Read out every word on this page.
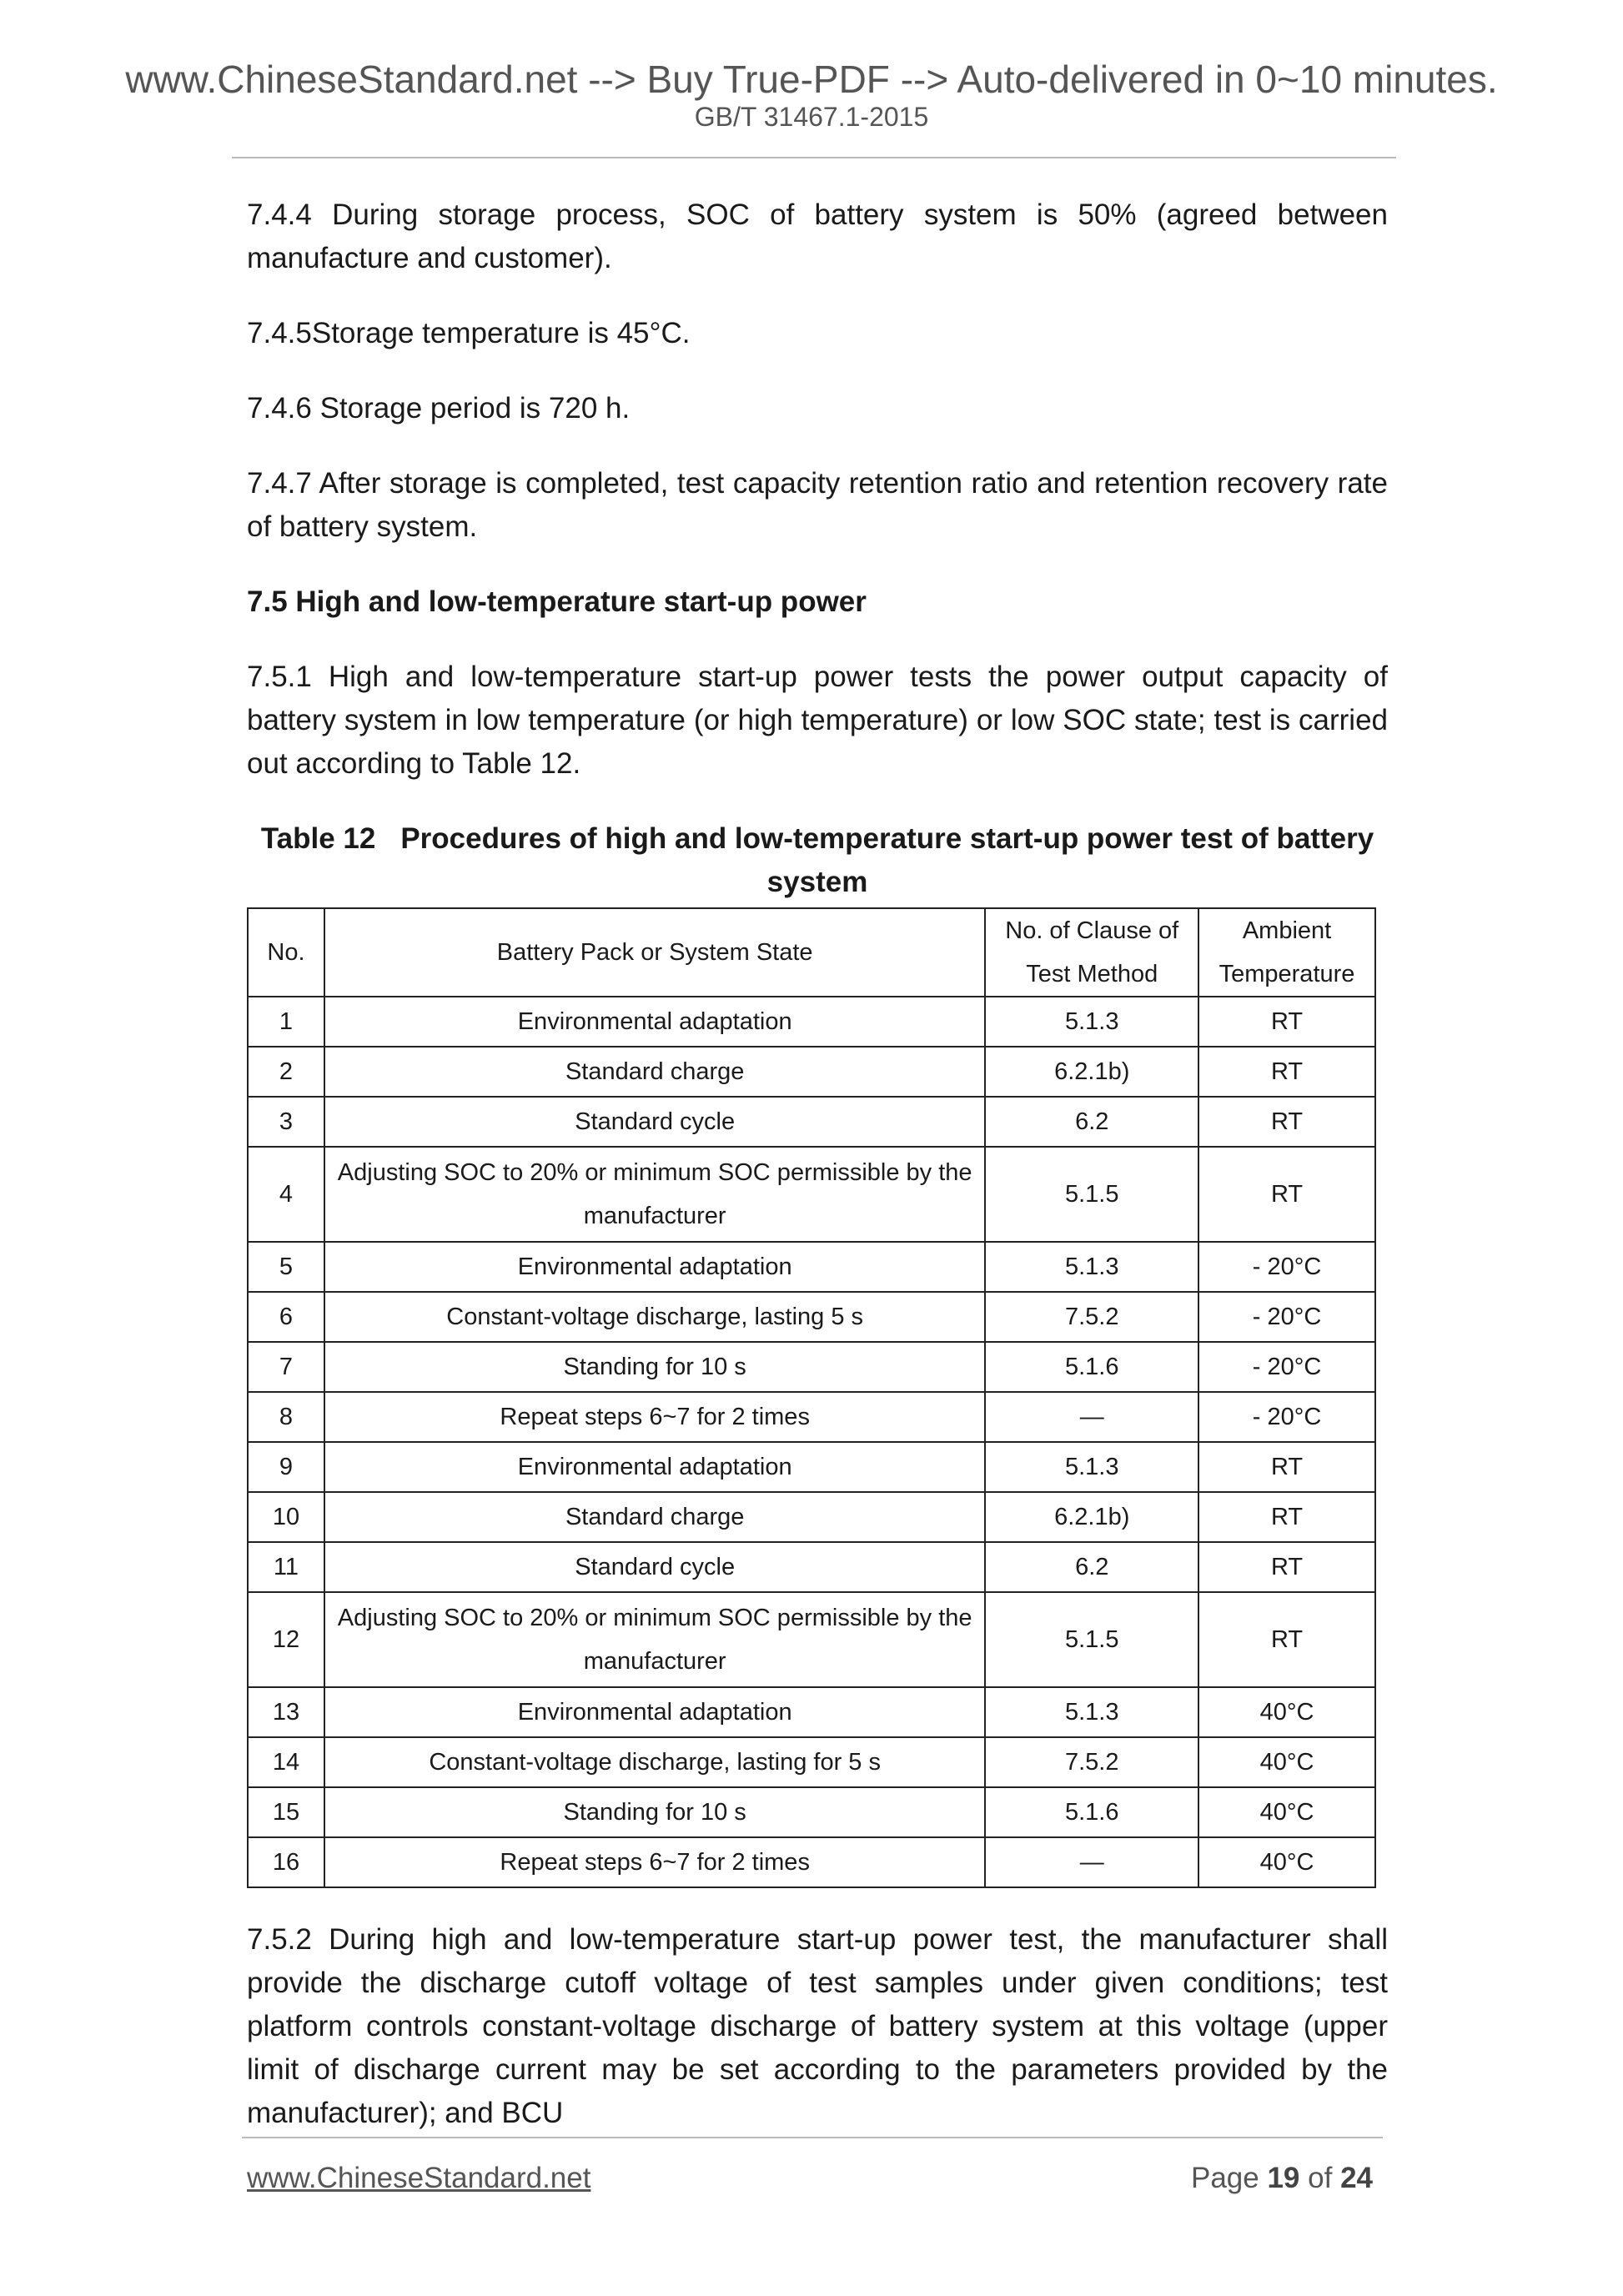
www.ChineseStandard.net --> Buy True-PDF --> Auto-delivered in 0~10 minutes.
GB/T 31467.1-2015

7.4.4 During storage process, SOC of battery system is 50% (agreed between manufacture and customer).

7.4.5Storage temperature is 45°C.

7.4.6 Storage period is 720 h.

7.4.7 After storage is completed, test capacity retention ratio and retention recovery rate of battery system.

7.5 High and low-temperature start-up power

7.5.1 High and low-temperature start-up power tests the power output capacity of battery system in low temperature (or high temperature) or low SOC state; test is carried out according to Table 12.

Table 12 Procedures of high and low-temperature start-up power test of battery system
No.	Battery Pack or System State	No. of Clause of Test Method	Ambient Temperature
1	Environmental adaptation	5.1.3	RT
2	Standard charge	6.2.1b)	RT
3	Standard cycle	6.2	RT
4	Adjusting SOC to 20% or minimum SOC permissible by the manufacturer	5.1.5	RT
5	Environmental adaptation	5.1.3	- 20°C
6	Constant-voltage discharge, lasting 5 s	7.5.2	- 20°C
7	Standing for 10 s	5.1.6	- 20°C
8	Repeat steps 6~7 for 2 times	—	- 20°C
9	Environmental adaptation	5.1.3	RT
10	Standard charge	6.2.1b)	RT
11	Standard cycle	6.2	RT
12	Adjusting SOC to 20% or minimum SOC permissible by the manufacturer	5.1.5	RT
13	Environmental adaptation	5.1.3	40°C
14	Constant-voltage discharge, lasting for 5 s	7.5.2	40°C
15	Standing for 10 s	5.1.6	40°C
16	Repeat steps 6~7 for 2 times	—	40°C

7.5.2 During high and low-temperature start-up power test, the manufacturer shall provide the discharge cutoff voltage of test samples under given conditions; test platform controls constant-voltage discharge of battery system at this voltage (upper limit of discharge current may be set according to the parameters provided by the manufacturer); and BCU

www.ChineseStandard.net	Page 19 of 24
